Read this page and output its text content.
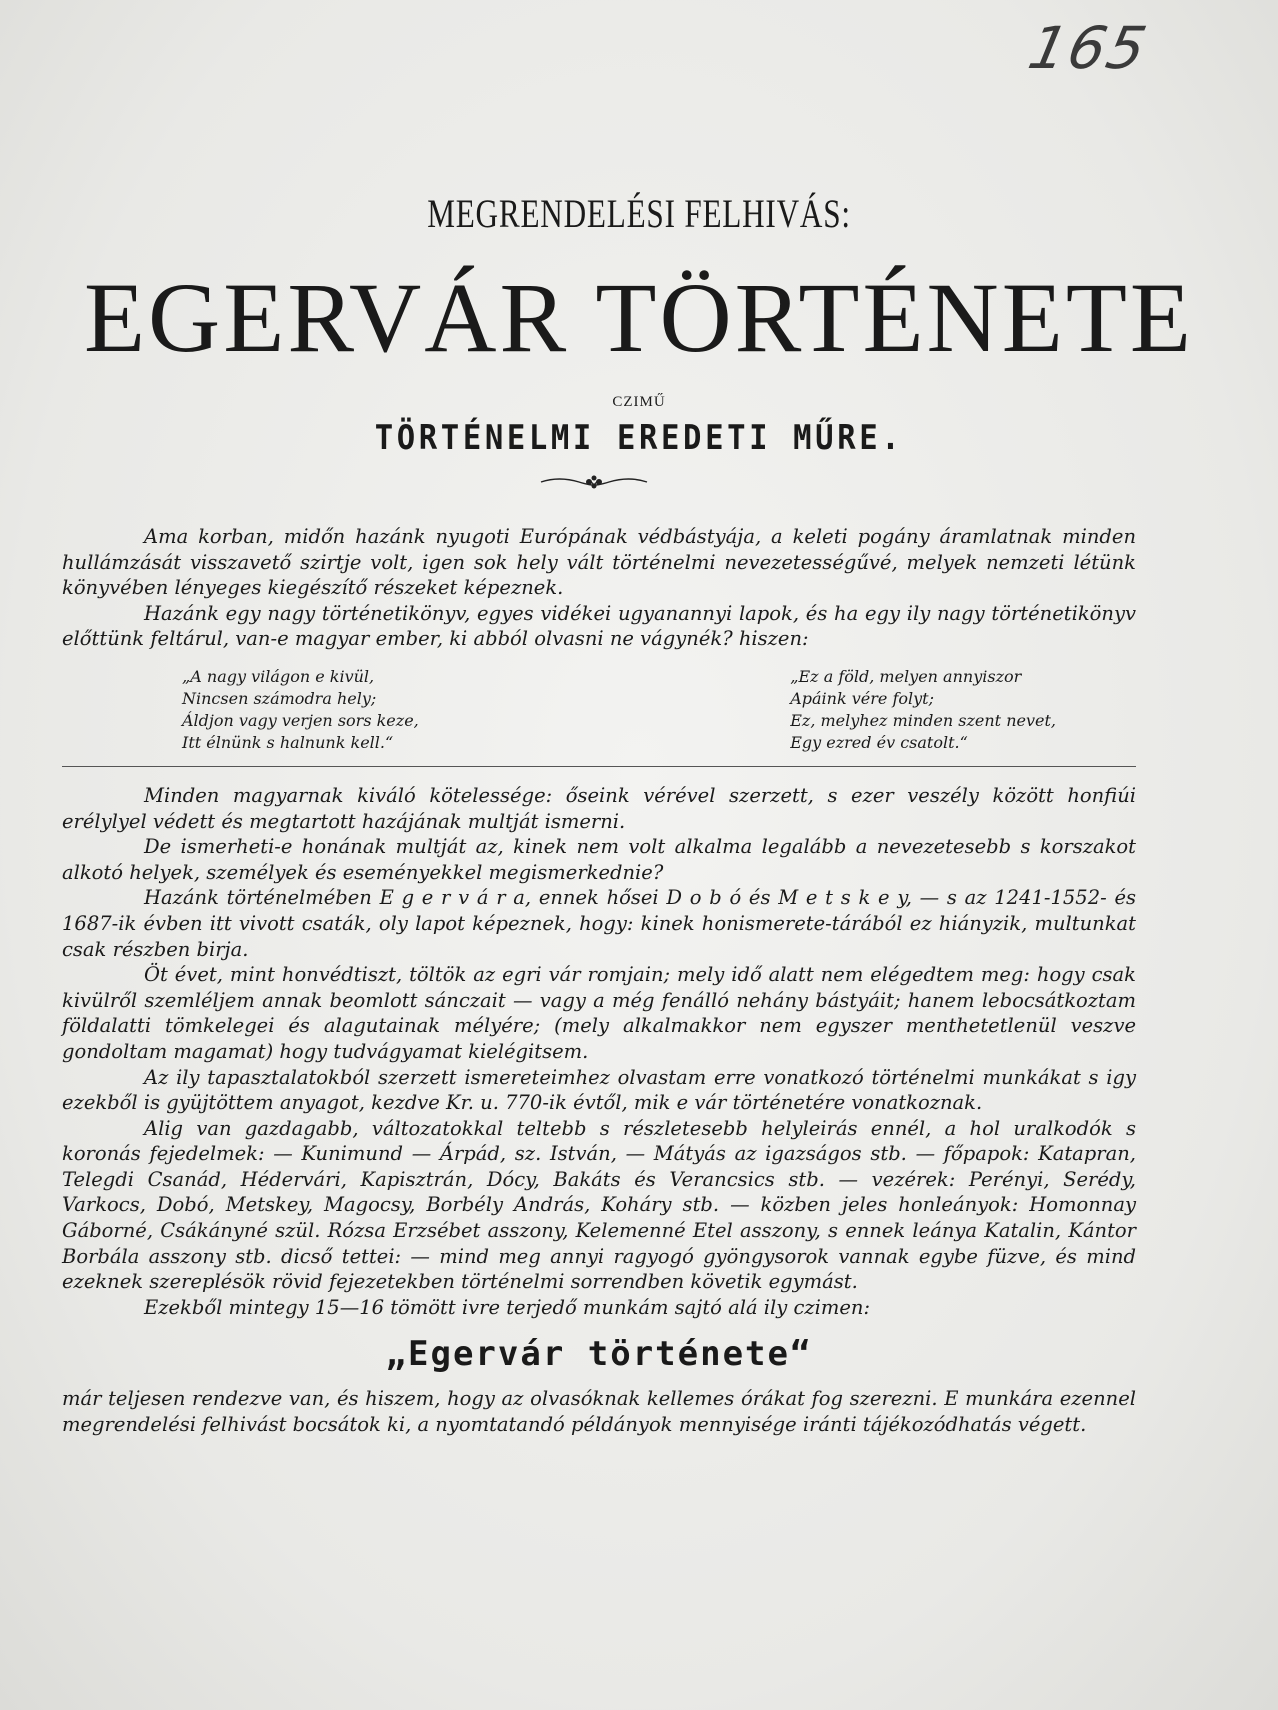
165
MEGRENDELÉSI FELHIVÁS:
EGERVÁR TÖRTÉNETE
CZIMŰ
TÖRTÉNELMI EREDETI MŰRE.

Ama korban, midőn hazánk nyugoti Európának védbástyája, a keleti pogány áramlatnak minden hullámzását visszavető szirtje volt, igen sok hely vált történelmi nevezetességűvé, melyek nemzeti létünk könyvében lényeges kiegészítő részeket képeznek.

Hazánk egy nagy történetikönyv, egyes vidékei ugyanannyi lapok, és ha egy ily nagy történetikönyv előttünk feltárul, van-e magyar ember, ki abból olvasni ne vágynék? hiszen:

„A nagy világon e kivül,
Nincsen számodra hely;
Áldjon vagy verjen sors keze,
Itt élnünk s halnunk kell.“
„Ez a föld, melyen annyiszor
Apáink vére folyt;
Ez, melyhez minden szent nevet,
Egy ezred év csatolt.“

Minden magyarnak kiváló kötelessége: őseink vérével szerzett, s ezer veszély között honfiúi erélylyel védett és megtartott hazájának multját ismerni.

De ismerheti-e honának multját az, kinek nem volt alkalma legalább a nevezetesebb s korszakot alkotó helyek, személyek és eseményekkel megismerkednie?

Hazánk történelmében E g e r v á r a, ennek hősei D o b ó és M e t s k e y, — s az 1241-1552- és 1687-ik évben itt vivott csaták, oly lapot képeznek, hogy: kinek honismerete-tárából ez hiányzik, multunkat csak részben birja.

Öt évet, mint honvédtiszt, töltök az egri vár romjain; mely idő alatt nem elégedtem meg: hogy csak kivülről szemléljem annak beomlott sánczait — vagy a még fenálló nehány bástyáit; hanem lebocsátkoztam földalatti tömkelegei és alagutainak mélyére; (mely alkalmakkor nem egyszer menthetetlenül veszve gondoltam magamat) hogy tudvágyamat kielégitsem.

Az ily tapasztalatokból szerzett ismereteimhez olvastam erre vonatkozó történelmi munkákat s igy ezekből is gyüjtöttem anyagot, kezdve Kr. u. 770-ik évtől, mik e vár történetére vonatkoznak.

Alig van gazdagabb, változatokkal teltebb s részletesebb helyleirás ennél, a hol uralkodók s koronás fejedelmek: — Kunimund — Árpád, sz. István, — Mátyás az igazságos stb. — főpapok: Katapran, Telegdi Csanád, Hédervári, Kapisztrán, Dócy, Bakáts és Verancsics stb. — vezérek: Perényi, Serédy, Varkocs, Dobó, Metskey, Magocsy, Borbély András, Koháry stb. — közben jeles honleányok: Homonnay Gáborné, Csákányné szül. Rózsa Erzsébet asszony, Kelemenné Etel asszony, s ennek leánya Katalin, Kántor Borbála asszony stb. dicső tettei: — mind meg annyi ragyogó gyöngysorok vannak egybe füzve, és mind ezeknek szereplésök rövid fejezetekben történelmi sorrendben követik egymást.

Ezekből mintegy 15—16 tömött ivre terjedő munkám sajtó alá ily czimen:

„Egervár története“

már teljesen rendezve van, és hiszem, hogy az olvasóknak kellemes órákat fog szerezni. E munkára ezennel megrendelési felhivást bocsátok ki, a nyomtatandó példányok mennyisége iránti tájékozódhatás végett.
